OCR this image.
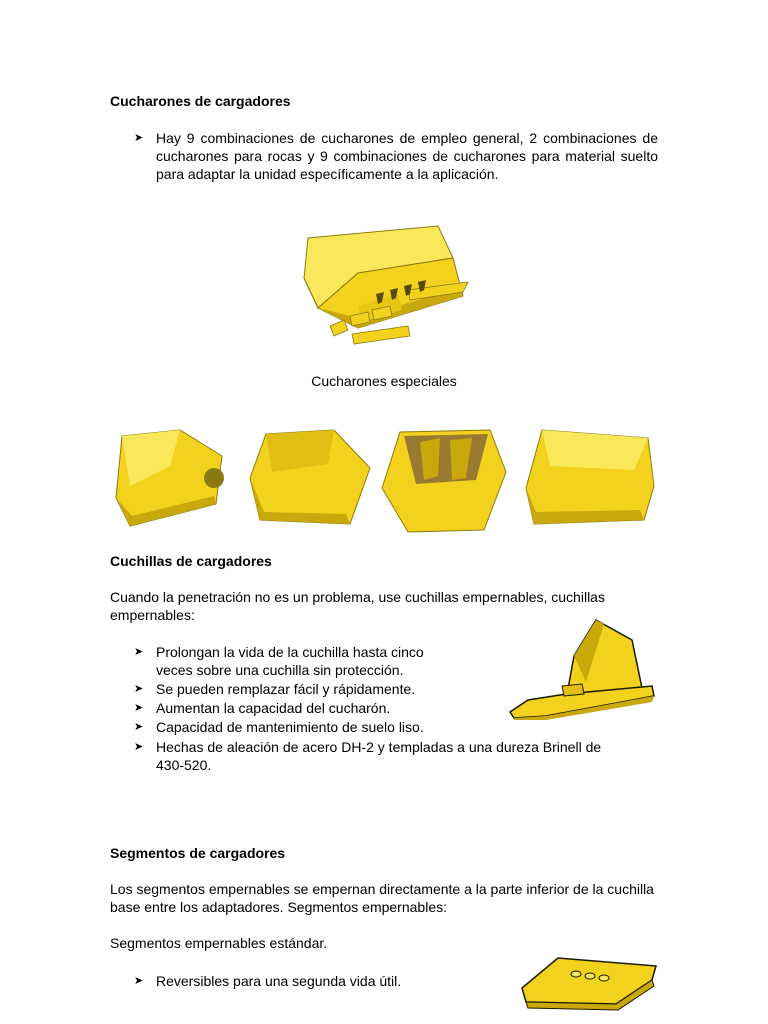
Cucharones de cargadores
➤ Hay 9 combinaciones de cucharones de empleo general, 2 combinaciones de cucharones para rocas y 9 combinaciones de cucharones para material suelto para adaptar la unidad específicamente a la aplicación.
Cucharones especiales
Cuchillas de cargadores
Cuando la penetración no es un problema, use cuchillas empernables, cuchillas empernables:
➤ Prolongan la vida de la cuchilla hasta cinco
veces sobre una cuchilla sin protección.
➤ Se pueden remplazar fácil y rápidamente.
➤ Aumentan la capacidad del cucharón.
➤ Capacidad de mantenimiento de suelo liso.
➤ Hechas de aleación de acero DH-2 y templadas a una dureza Brinell de
430-520.
Segmentos de cargadores
Los segmentos empernables se empernan directamente a la parte inferior de la cuchilla base entre los adaptadores. Segmentos empernables:
Segmentos empernables estándar.
➤ Reversibles para una segunda vida útil.
